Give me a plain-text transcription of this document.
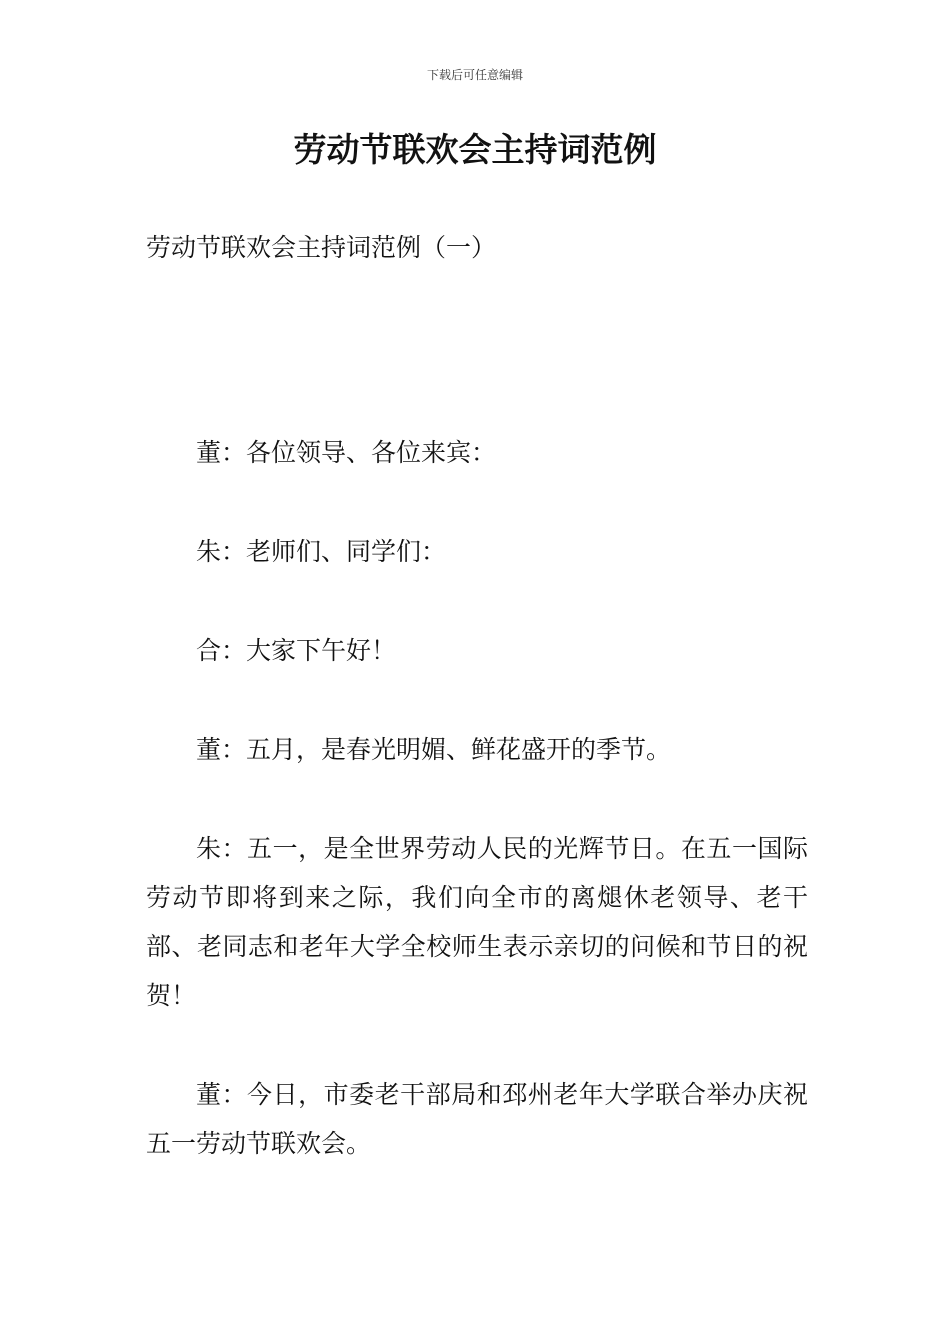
下载后可任意编辑
劳动节联欢会主持词范例

劳动节联欢会主持词范例（一）

董：各位领导、各位来宾：

朱：老师们、同学们：

合：大家下午好！

董：五月，是春光明媚、鲜花盛开的季节。

朱：五一，是全世界劳动人民的光辉节日。在五一国际劳动节即将到来之际，我们向全市的离煺休老领导、老干部、老同志和老年大学全校师生表示亲切的问候和节日的祝贺！

董：今日，市委老干部局和邳州老年大学联合举办庆祝五一劳动节联欢会。
